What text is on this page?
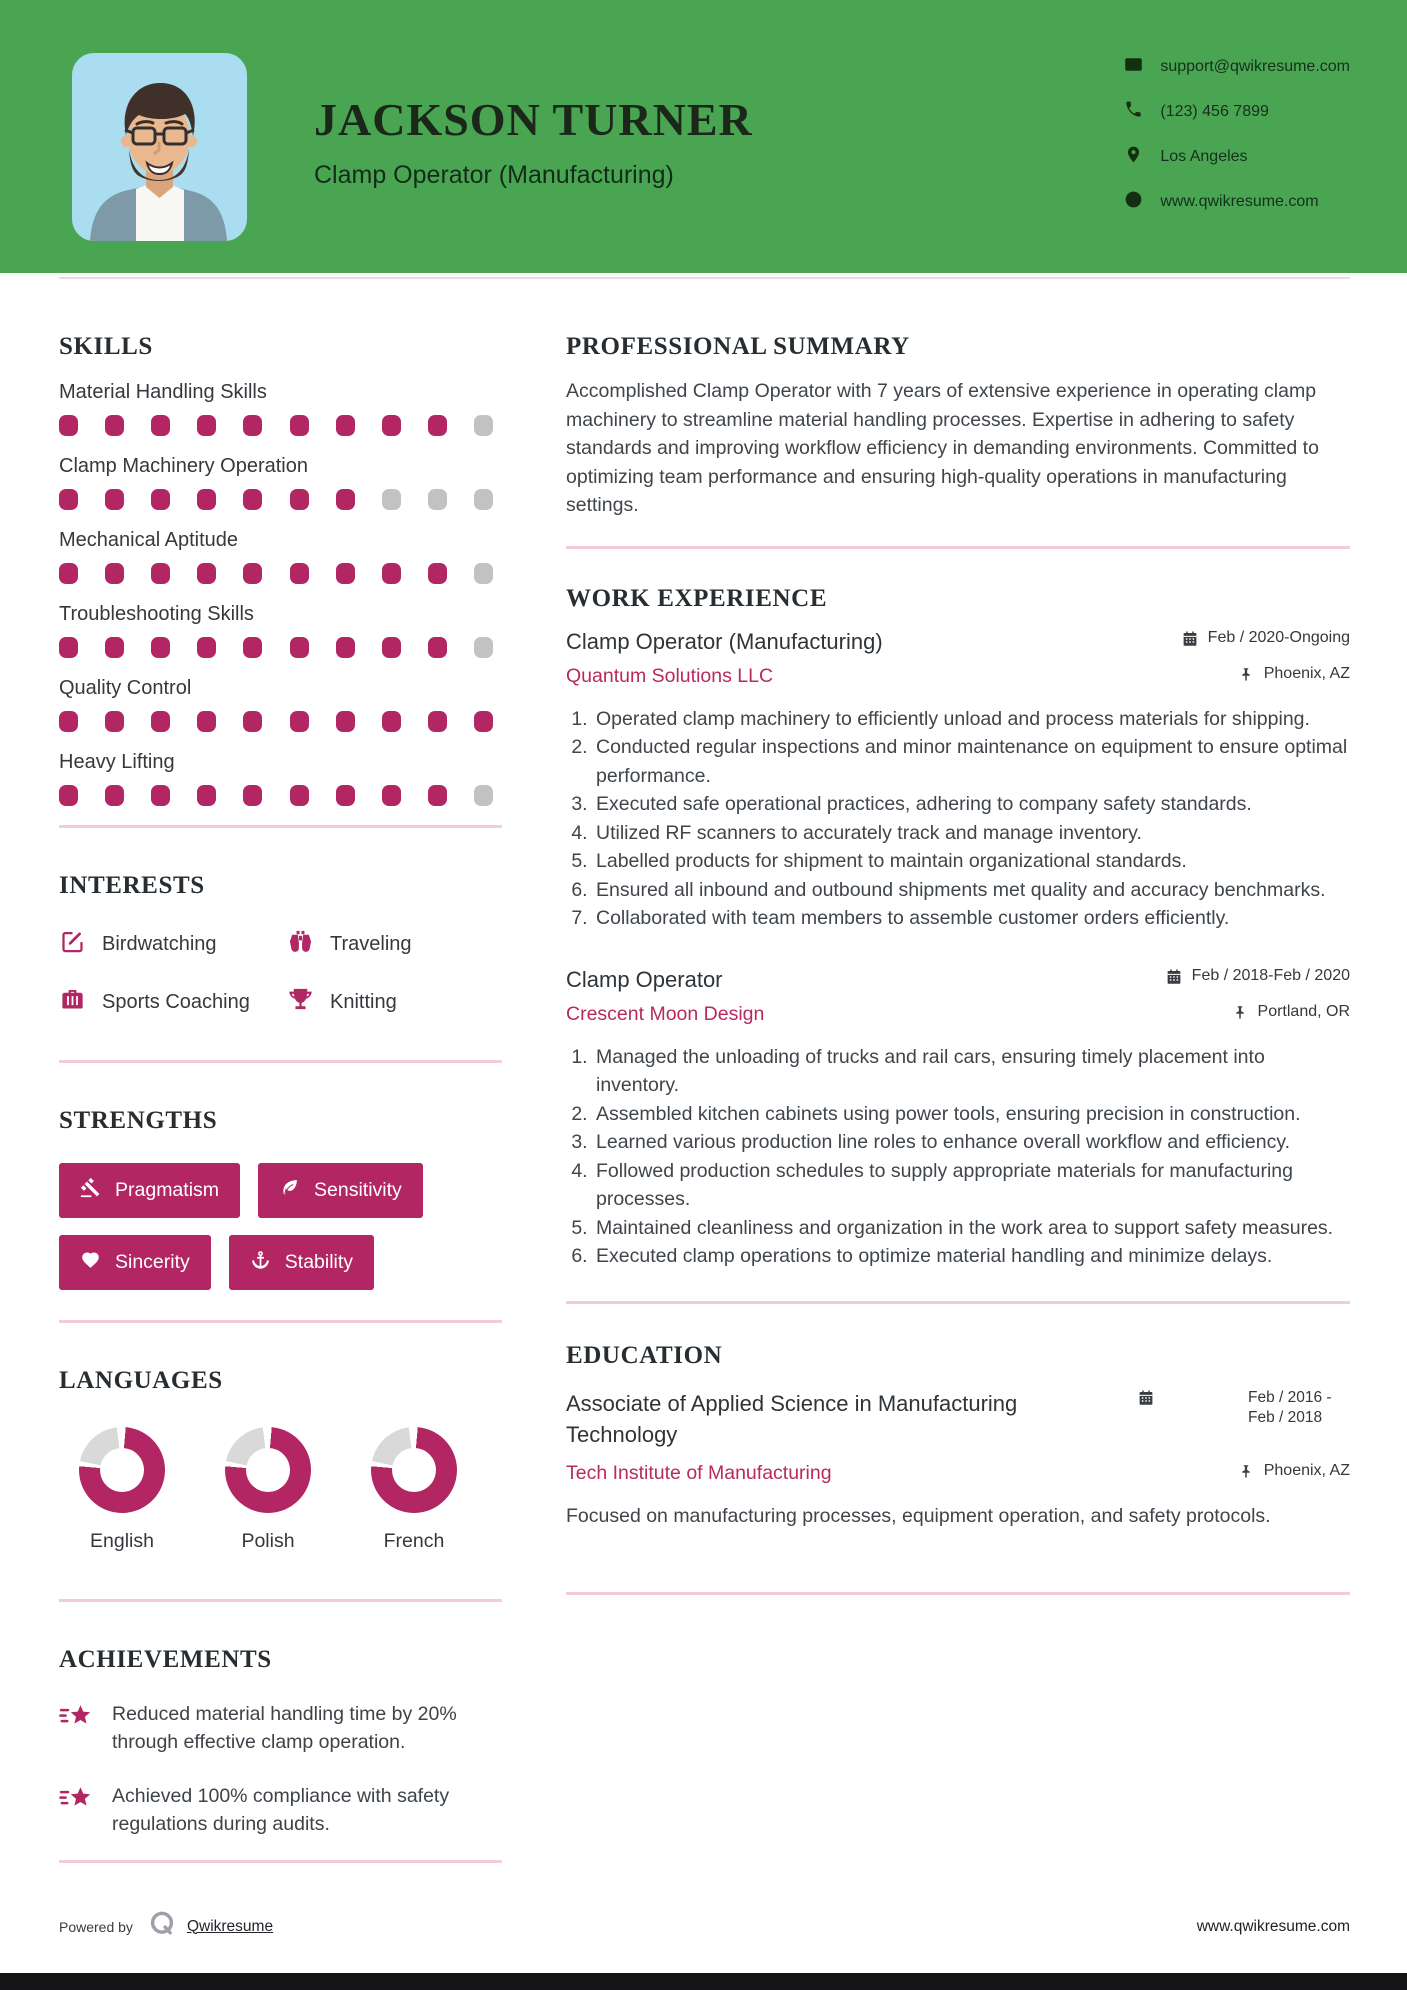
JACKSON TURNER
Clamp Operator (Manufacturing)
support@qwikresume.com
(123) 456 7899
Los Angeles
www.qwikresume.com
SKILLS
Material Handling Skills
Clamp Machinery Operation
Mechanical Aptitude
Troubleshooting Skills
Quality Control
Heavy Lifting
INTERESTS
Birdwatching	Traveling
Sports Coaching	Knitting
STRENGTHS
Pragmatism	Sensitivity
Sincerity	Stability
LANGUAGES
English	Polish	French
ACHIEVEMENTS
Reduced material handling time by 20% through effective clamp operation.
Achieved 100% compliance with safety regulations during audits.
PROFESSIONAL SUMMARY

Accomplished Clamp Operator with 7 years of extensive experience in operating clamp machinery to streamline material handling processes. Expertise in adhering to safety standards and improving workflow efficiency in demanding environments. Committed to optimizing team performance and ensuring high-quality operations in manufacturing settings.

WORK EXPERIENCE
Clamp Operator (Manufacturing)	Feb / 2020-Ongoing
Quantum Solutions LLC	Phoenix, AZ
1. Operated clamp machinery to efficiently unload and process materials for shipping.
2. Conducted regular inspections and minor maintenance on equipment to ensure optimal performance.
3. Executed safe operational practices, adhering to company safety standards.
4. Utilized RF scanners to accurately track and manage inventory.
5. Labelled products for shipment to maintain organizational standards.
6. Ensured all inbound and outbound shipments met quality and accuracy benchmarks.
7. Collaborated with team members to assemble customer orders efficiently.
Clamp Operator	Feb / 2018-Feb / 2020
Crescent Moon Design	Portland, OR
1. Managed the unloading of trucks and rail cars, ensuring timely placement into inventory.
2. Assembled kitchen cabinets using power tools, ensuring precision in construction.
3. Learned various production line roles to enhance overall workflow and efficiency.
4. Followed production schedules to supply appropriate materials for manufacturing processes.
5. Maintained cleanliness and organization in the work area to support safety measures.
6. Executed clamp operations to optimize material handling and minimize delays.
EDUCATION
Associate of Applied Science in Manufacturing Technology
Feb / 2016 - Feb / 2018
Tech Institute of Manufacturing	Phoenix, AZ
Focused on manufacturing processes, equipment operation, and safety protocols.
Powered by	Qwikresume	www.qwikresume.com
